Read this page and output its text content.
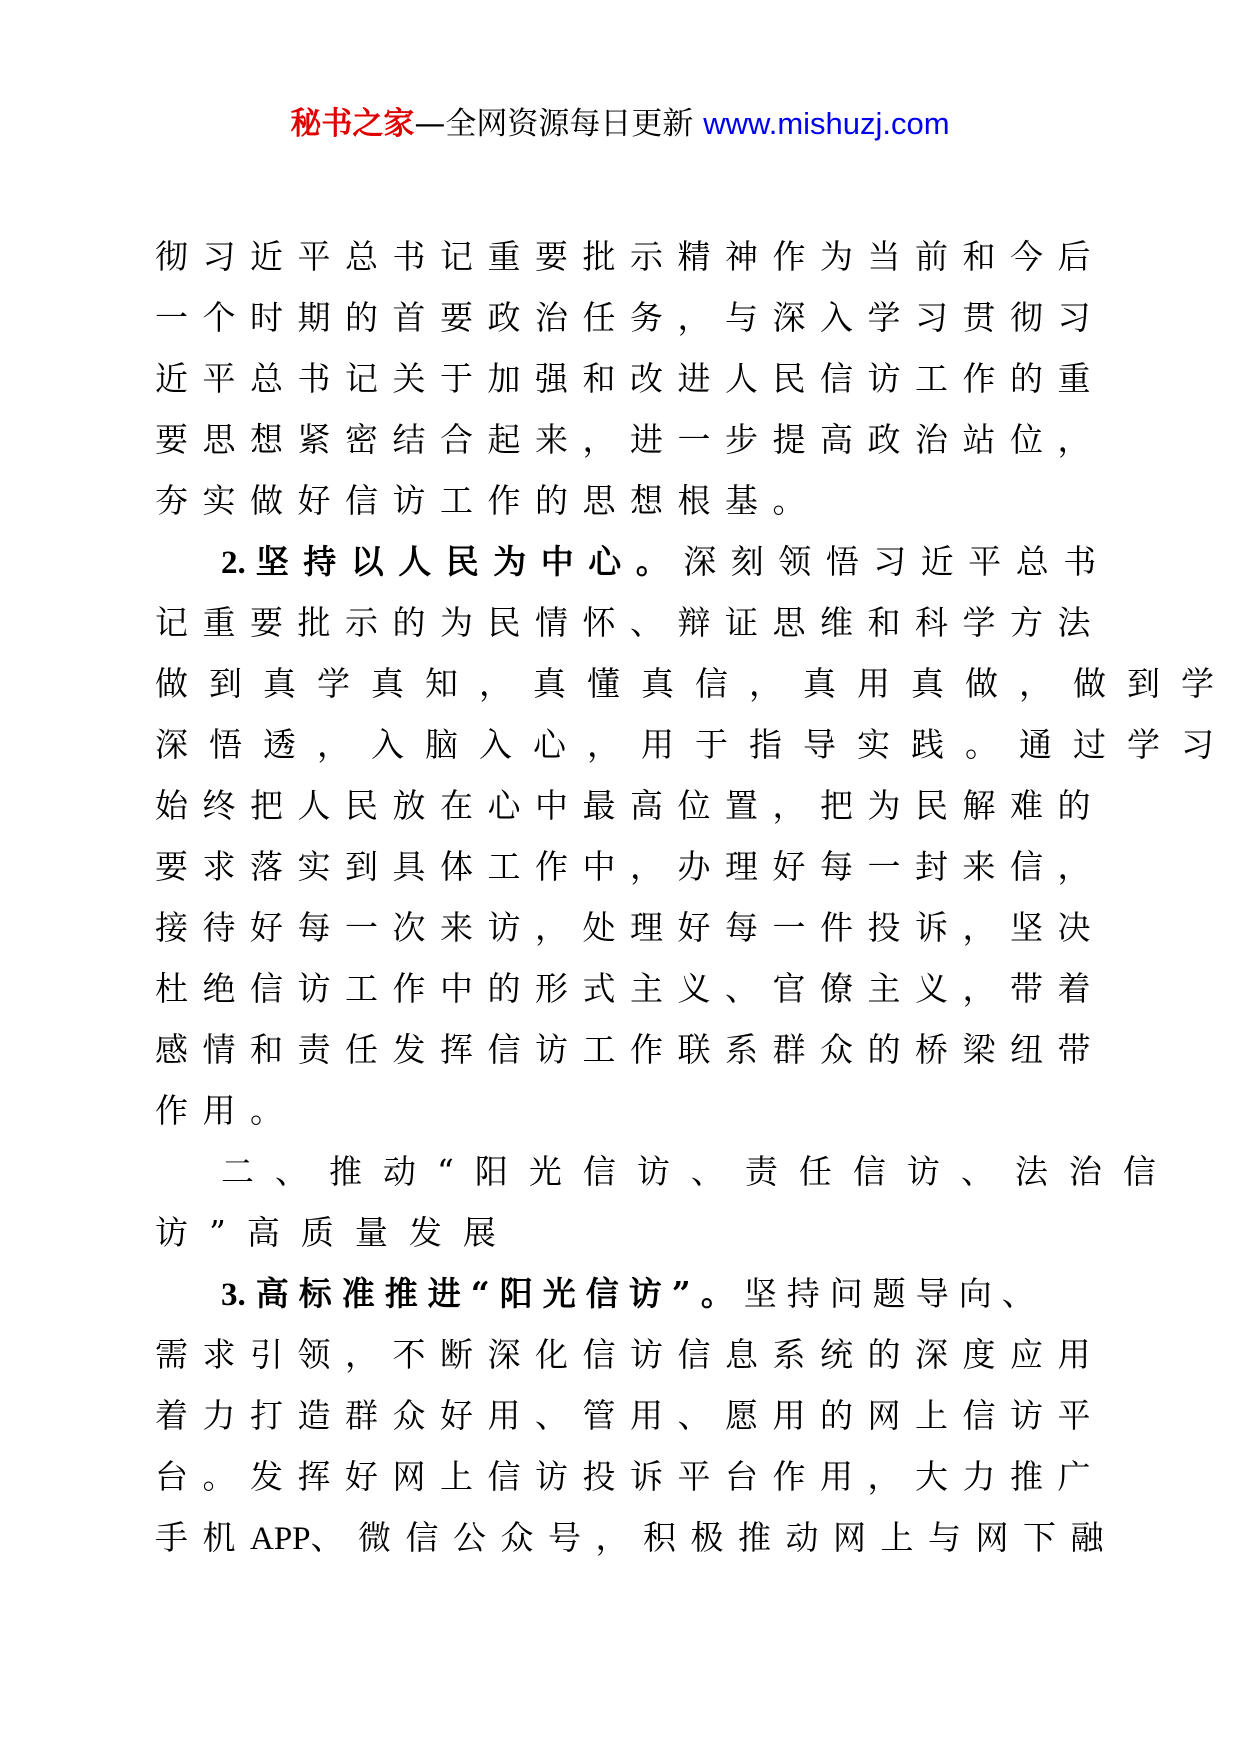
秘书之家—全网资源每日更新 www.mishuzj.com
彻习近平总书记重要批示精神作为当前和今后
一个时期的首要政治任务，与深入学习贯彻习
近平总书记关于加强和改进人民信访工作的重
要思想紧密结合起来，进一步提高政治站位，
夯实做好信访工作的思想根基。
2. 坚持以人民为中心。深刻领悟习近平总书
记重要批示的为民情怀、辩证思维和科学方法
做到真学真知，真懂真信，真用真做，做到学
深悟透，入脑入心，用于指导实践。通过学习
始终把人民放在心中最高位置，把为民解难的
要求落实到具体工作中，办理好每一封来信，
接待好每一次来访，处理好每一件投诉，坚决
杜绝信访工作中的形式主义、官僚主义，带着
感情和责任发挥信访工作联系群众的桥梁纽带
作用。
二、推动“阳光信访、责任信访、法治信
访”高质量发展
3. 高标准推进“阳光信访”。坚持问题导向、
需求引领，不断深化信访信息系统的深度应用
着力打造群众好用、管用、愿用的网上信访平
台。发挥好网上信访投诉平台作用，大力推广
手机APP、微信公众号，积极推动网上与网下融
